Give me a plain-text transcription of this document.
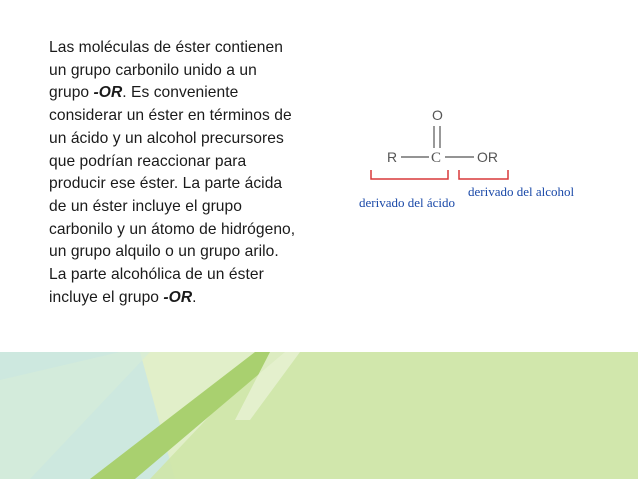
Las moléculas de éster contienen un grupo carbonilo unido a un grupo -OR. Es conveniente considerar un éster en términos de un ácido y un alcohol precursores que podrían reaccionar para producir ese éster. La parte ácida de un éster incluye el grupo carbonilo y un átomo de hidrógeno, un grupo alquilo o un grupo arilo. La parte alcohólica de un éster incluye el grupo -OR.
O
R C	OR
derivado del ácido
derivado del alcohol
